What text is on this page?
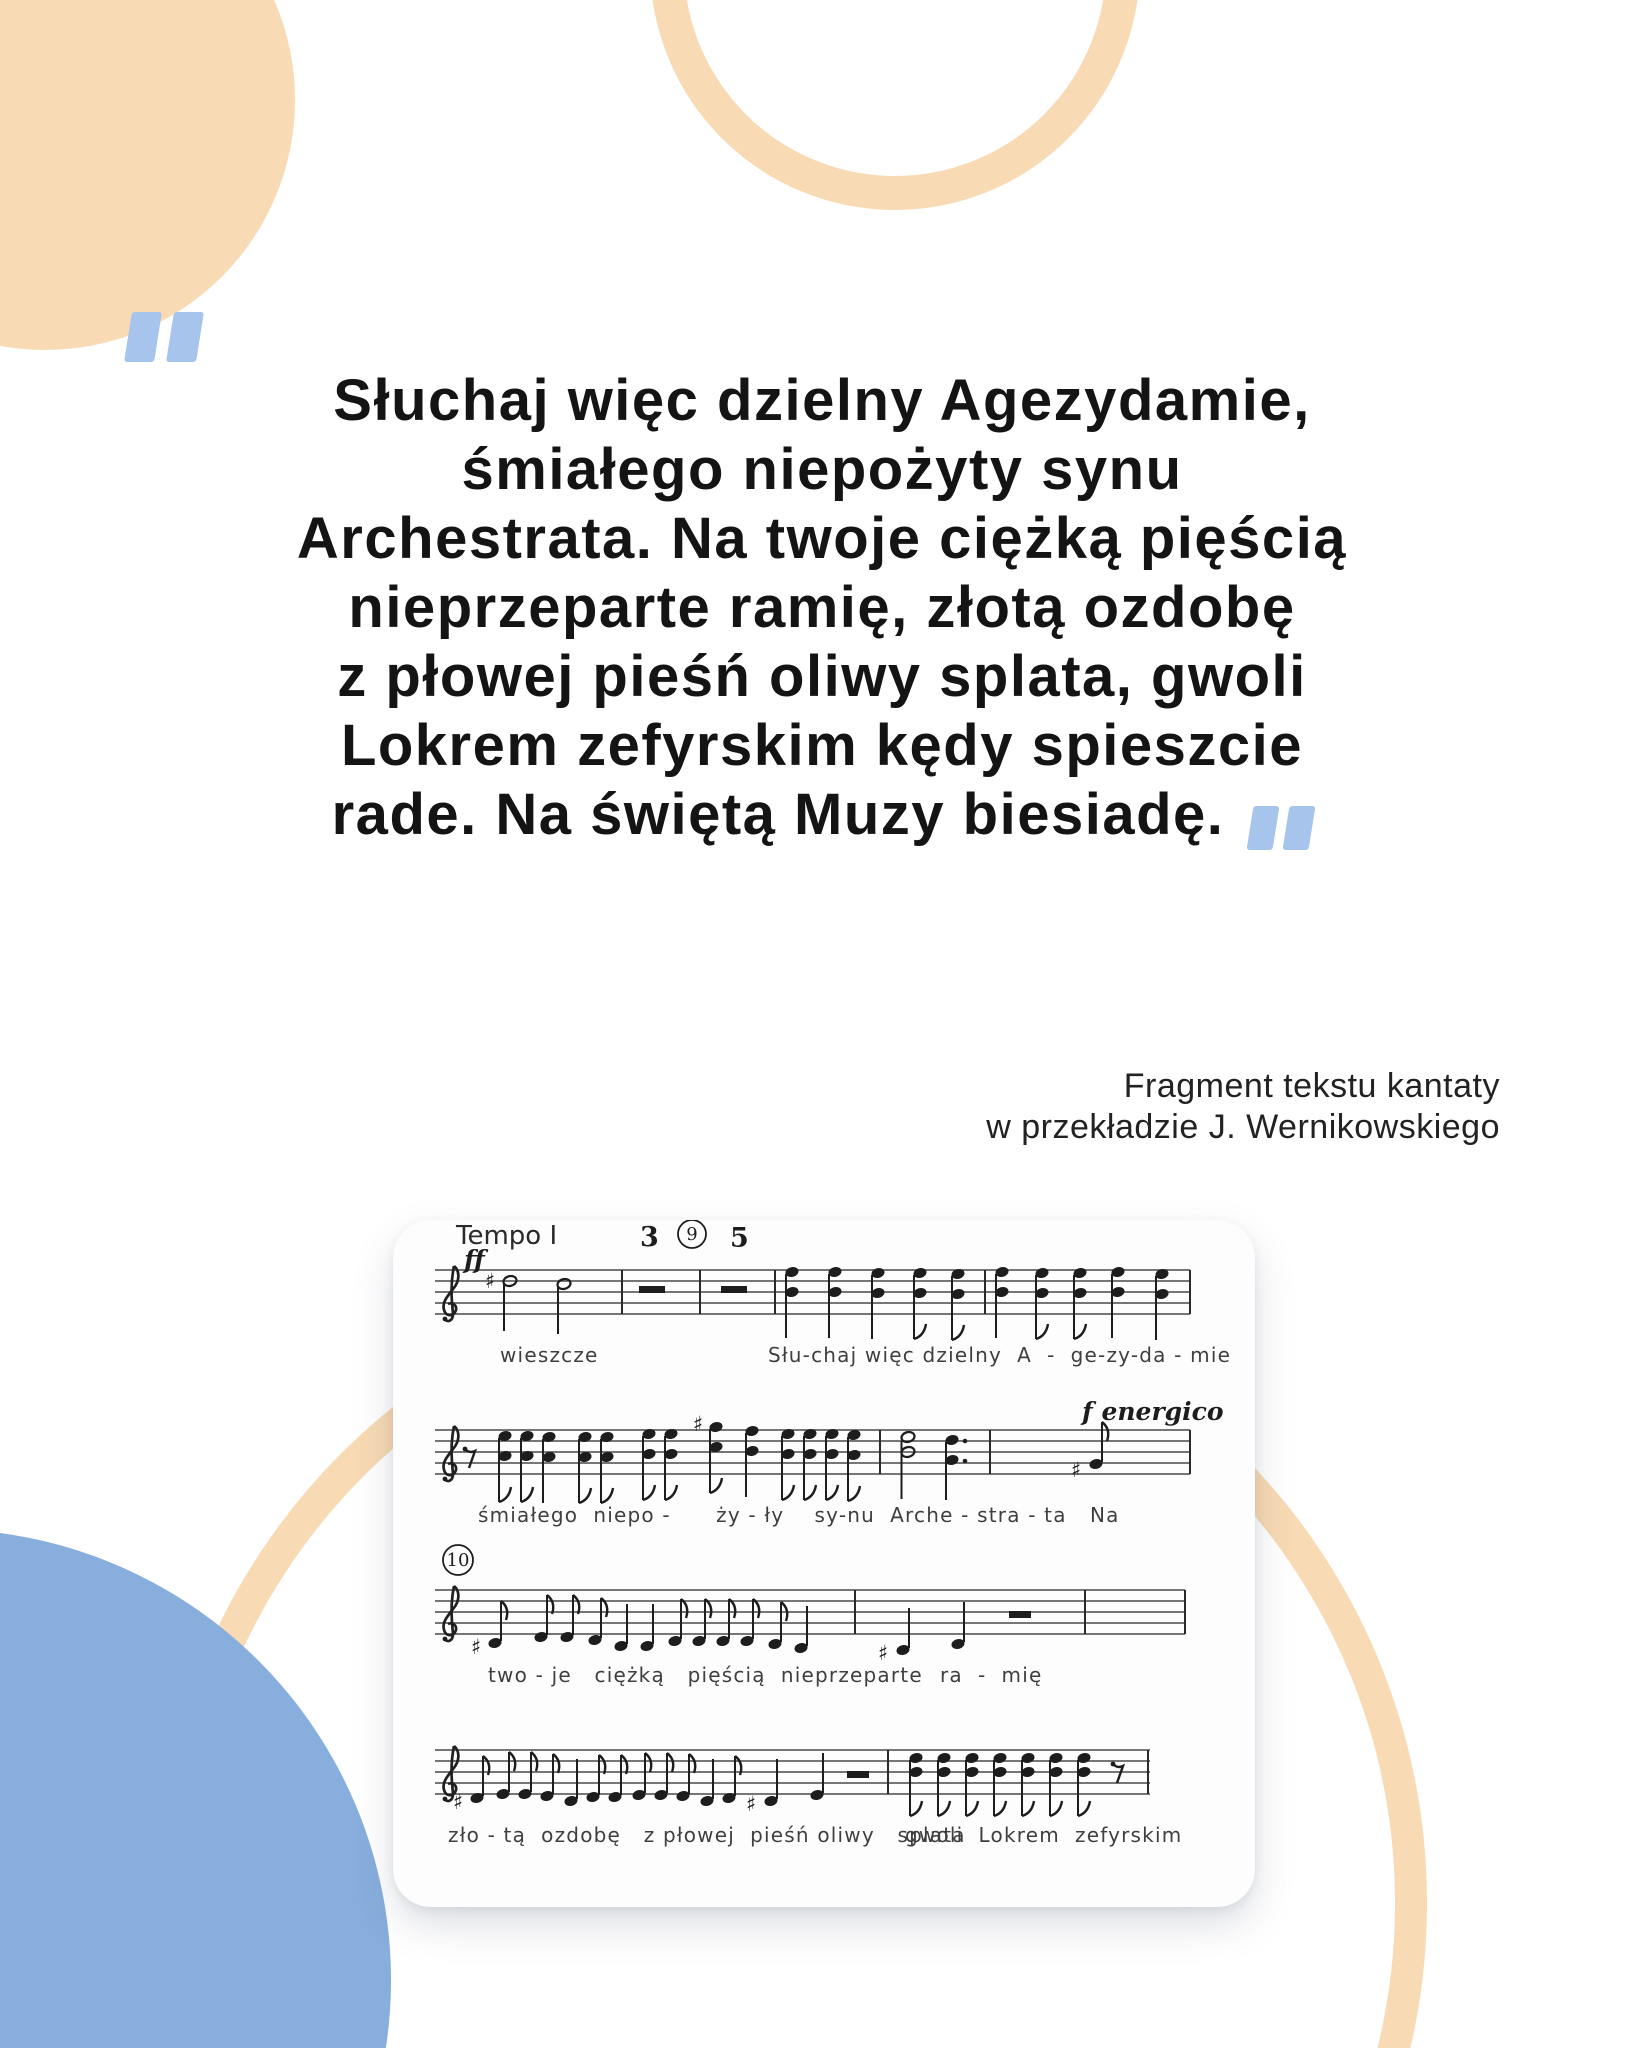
Słuchaj więc dzielny Agezydamie,
śmiałego niepożyty synu
Archestrata. Na twoje ciężką pięścią
nieprzeparte ramię, złotą ozdobę
z płowej pieśń oliwy splata, gwoli
Lokrem zefyrskim kędy spieszcie
rade. Na świętą Muzy biesiadę.
Fragment tekstu kantaty
w przekładzie J. Wernikowskiego
♯
wieszcze	Słu-chaj więc dzielny  A  -  ge-zy-da - mie
Tempo I
ff
3 9 5
♯
♯
śmiałego  niepo -      ży - ły    sy-nu  Arche - stra - ta Na
f energico
♯	♯
two - je   ciężką   pięścią  nieprzeparte ra  -  mię
10
♯	♯
zło - tą  ozdobę   z płowej  pieśń oliwy   splata
gwoli  Lokrem  zefyrskim
